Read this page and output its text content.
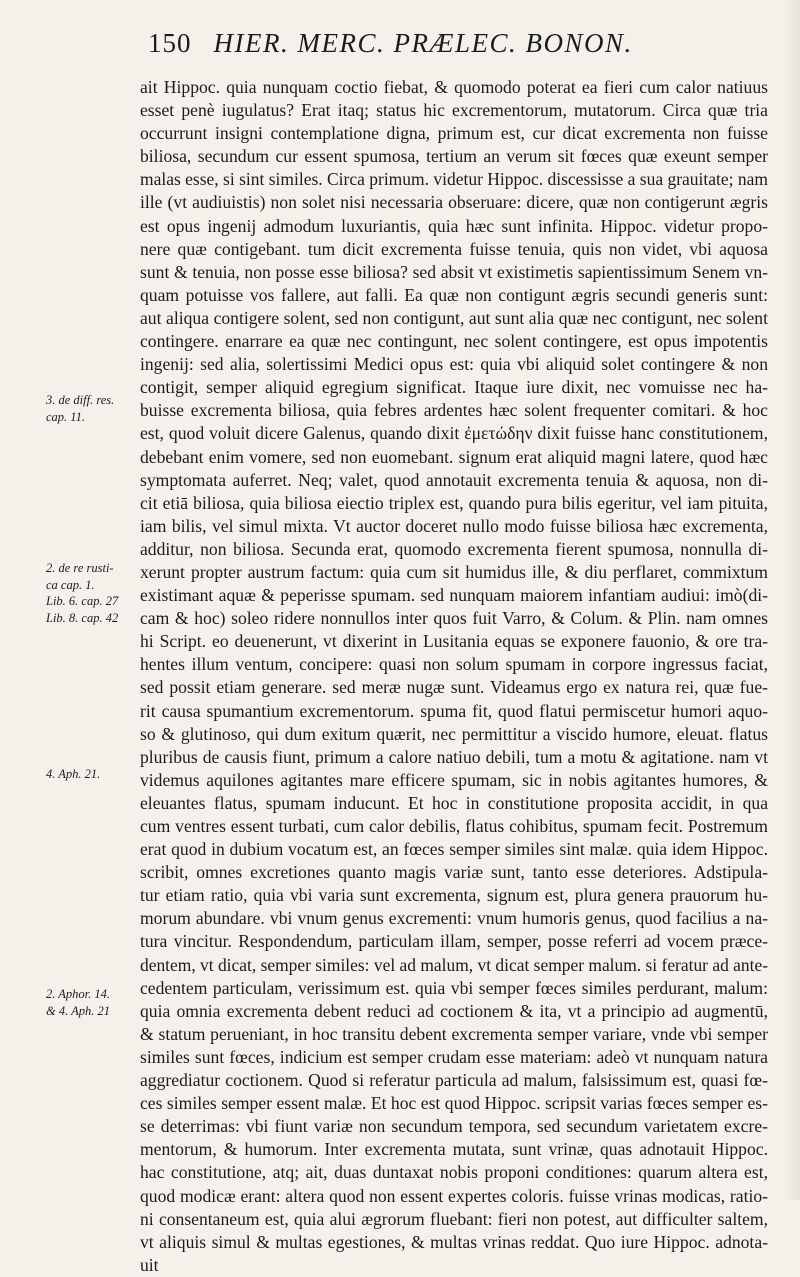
150 HIER. MERC. PRÆLEC. BONON.
ait Hippoc. quia nunquam coctio fiebat, & quomodo poterat ea fieri cum calor natiuus
esset penè iugulatus? Erat itaq; status hic excrementorum, mutatorum. Circa quæ tria
occurrunt insigni contemplatione digna, primum est, cur dicat excrementa non fuisse
biliosa, secundum cur essent spumosa, tertium an verum sit fœces quæ exeunt semper
malas esse, si sint similes. Circa primum. videtur Hippoc. discessisse a sua grauitate; nam
ille (vt audiuistis) non solet nisi necessaria obseruare: dicere, quæ non contigerunt ægris
est opus ingenij admodum luxuriantis, quia hæc sunt infinita. Hippoc. videtur propo-
nere quæ contigebant. tum dicit excrementa fuisse tenuia, quis non videt, vbi aquosa
sunt & tenuia, non posse esse biliosa? sed absit vt existimetis sapientissimum Senem vn-
quam potuisse vos fallere, aut falli. Ea quæ non contigunt ægris secundi generis sunt:
aut aliqua contigere solent, sed non contigunt, aut sunt alia quæ nec contigunt, nec solent
contingere. enarrare ea quæ nec contingunt, nec solent contingere, est opus impotentis
ingenij: sed alia, solertissimi Medici opus est: quia vbi aliquid solet contingere & non
contigit, semper aliquid egregium significat. Itaque iure dixit, nec vomuisse nec ha-
buisse excrementa biliosa, quia febres ardentes hæc solent frequenter comitari. & hoc
est, quod voluit dicere Galenus, quando dixit ἐμετώδην dixit fuisse hanc constitutionem,
debebant enim vomere, sed non euomebant. signum erat aliquid magni latere, quod hæc
symptomata auferret. Neq; valet, quod annotauit excrementa tenuia & aquosa, non di-
cit etiā biliosa, quia biliosa eiectio triplex est, quando pura bilis egeritur, vel iam pituita,
iam bilis, vel simul mixta. Vt auctor doceret nullo modo fuisse biliosa hæc excrementa,
additur, non biliosa. Secunda erat, quomodo excrementa fierent spumosa, nonnulla di-
xerunt propter austrum factum: quia cum sit humidus ille, & diu perflaret, commixtum
existimant aquæ & peperisse spumam. sed nunquam maiorem infantiam audiui: imò(di-
cam & hoc) soleo ridere nonnullos inter quos fuit Varro, & Colum. & Plin. nam omnes
hi Script. eo deuenerunt, vt dixerint in Lusitania equas se exponere fauonio, & ore tra-
hentes illum ventum, concipere: quasi non solum spumam in corpore ingressus faciat,
sed possit etiam generare. sed meræ nugæ sunt. Videamus ergo ex natura rei, quæ fue-
rit causa spumantium excrementorum. spuma fit, quod flatui permiscetur humori aquo-
so & glutinoso, qui dum exitum quærit, nec permittitur a viscido humore, eleuat. flatus
pluribus de causis fiunt, primum a calore natiuo debili, tum a motu & agitatione. nam vt
videmus aquilones agitantes mare efficere spumam, sic in nobis agitantes humores, &
eleuantes flatus, spumam inducunt. Et hoc in constitutione proposita accidit, in qua
cum ventres essent turbati, cum calor debilis, flatus cohibitus, spumam fecit. Postremum
erat quod in dubium vocatum est, an fœces semper similes sint malæ. quia idem Hippoc.
scribit, omnes excretiones quanto magis variæ sunt, tanto esse deteriores. Adstipula-
tur etiam ratio, quia vbi varia sunt excrementa, signum est, plura genera prauorum hu-
morum abundare. vbi vnum genus excrementi: vnum humoris genus, quod facilius a na-
tura vincitur. Respondendum, particulam illam, semper, posse referri ad vocem præce-
dentem, vt dicat, semper similes: vel ad malum, vt dicat semper malum. si feratur ad ante-
cedentem particulam, verissimum est. quia vbi semper fœces similes perdurant, malum:
quia omnia excrementa debent reduci ad coctionem & ita, vt a principio ad augmentū,
& statum perueniant, in hoc transitu debent excrementa semper variare, vnde vbi semper
similes sunt fœces, indicium est semper crudam esse materiam: adeò vt nunquam natura
aggrediatur coctionem. Quod si referatur particula ad malum, falsissimum est, quasi fœ-
ces similes semper essent malæ. Et hoc est quod Hippoc. scripsit varias fœces semper es-
se deterrimas: vbi fiunt variæ non secundum tempora, sed secundum varietatem excre-
mentorum, & humorum. Inter excrementa mutata, sunt vrinæ, quas adnotauit Hippoc.
hac constitutione, atq; ait, duas duntaxat nobis proponi conditiones: quarum altera est,
quod modicæ erant: altera quod non essent expertes coloris. fuisse vrinas modicas, ratio-
ni consentaneum est, quia alui ægrorum fluebant: fieri non potest, aut difficulter saltem,
vt aliquis simul & multas egestiones, & multas vrinas reddat. Quo iure Hippoc. adnota-
uit
3. de diff. res.
cap. 11.
2. de re rusti-
ca cap. 1.
Lib. 6. cap. 27
Lib. 8. cap. 42
4. Aph. 21.
2. Aphor. 14.
& 4. Aph. 21
